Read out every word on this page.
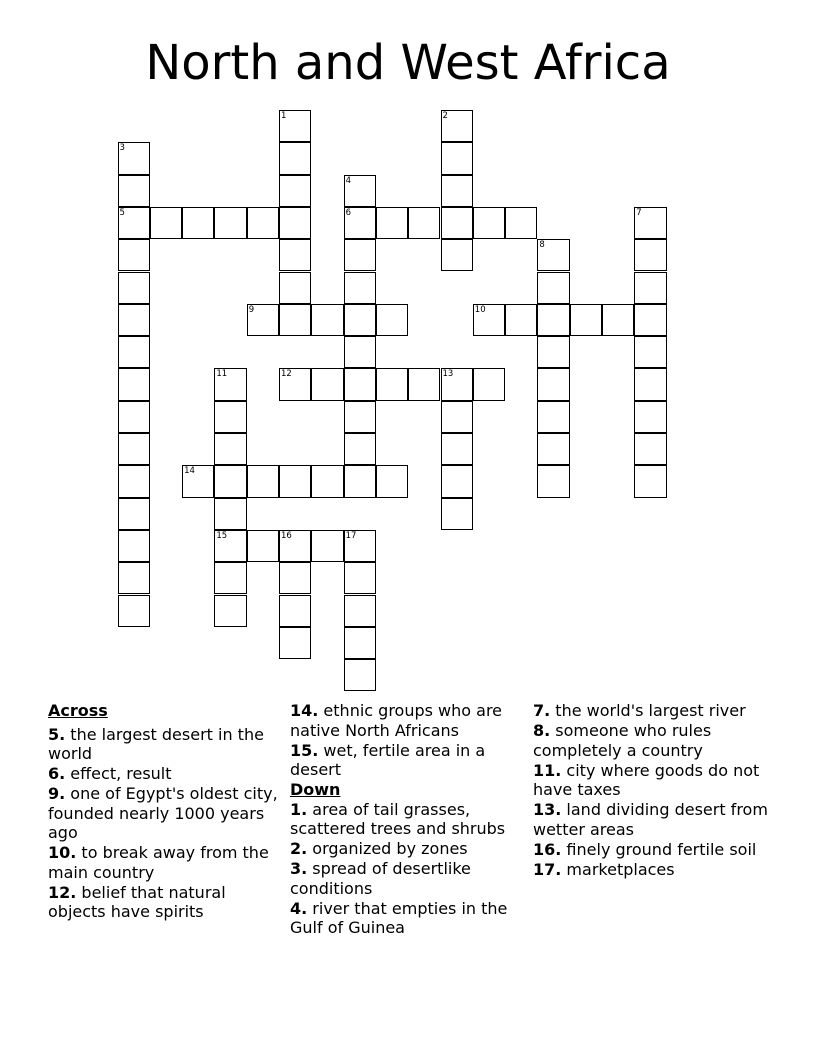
North and West Africa
1	2
3
4
5	6	7
8
9	10
11	12	13
14
15	16	17
Across
5. the largest desert in the world
6. effect, result
9. one of Egypt's oldest city, founded nearly 1000 years ago
10. to break away from the main country
12. belief that natural objects have spirits
14. ethnic groups who are native North Africans
15. wet, fertile area in a desert
Down
1. area of tail grasses, scattered trees and shrubs
2. organized by zones
3. spread of desertlike conditions
4. river that empties in the Gulf of Guinea
7. the world's largest river
8. someone who rules completely a country
11. city where goods do not have taxes
13. land dividing desert from wetter areas
16. finely ground fertile soil
17. marketplaces
